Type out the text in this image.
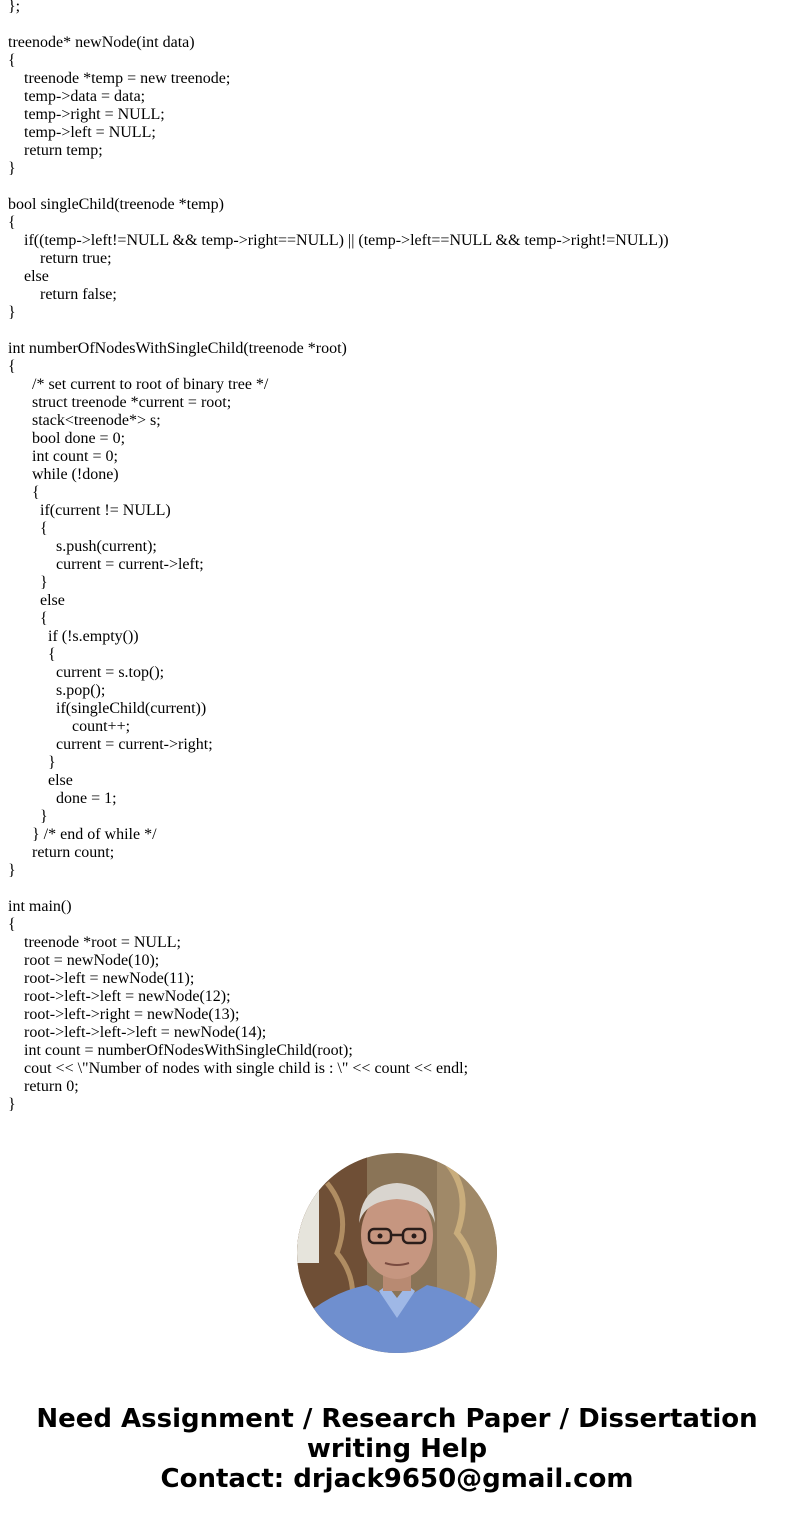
};
treenode* newNode(int data)
{
treenode *temp = new treenode;
temp->data = data;
temp->right = NULL;
temp->left = NULL;
return temp;
}
bool singleChild(treenode *temp)
{
if((temp->left!=NULL && temp->right==NULL) || (temp->left==NULL && temp->right!=NULL))
return true;
else
return false;
}
int numberOfNodesWithSingleChild(treenode *root)
{
/* set current to root of binary tree */
struct treenode *current = root;
stack<treenode*> s;
bool done = 0;
int count = 0;
while (!done)
{
if(current != NULL)
{
s.push(current);
current = current->left;
}
else
{
if (!s.empty())
{
current = s.top();
s.pop();
if(singleChild(current))
count++;
current = current->right;
}
else
done = 1;
}
} /* end of while */
return count;
}
int main()
{
treenode *root = NULL;
root = newNode(10);
root->left = newNode(11);
root->left->left = newNode(12);
root->left->right = newNode(13);
root->left->left->left = newNode(14);
int count = numberOfNodesWithSingleChild(root);
cout << \"Number of nodes with single child is : \" << count << endl;
return 0;
}
Need Assignment / Research Paper / Dissertation
writing Help
Contact: drjack9650@gmail.com
